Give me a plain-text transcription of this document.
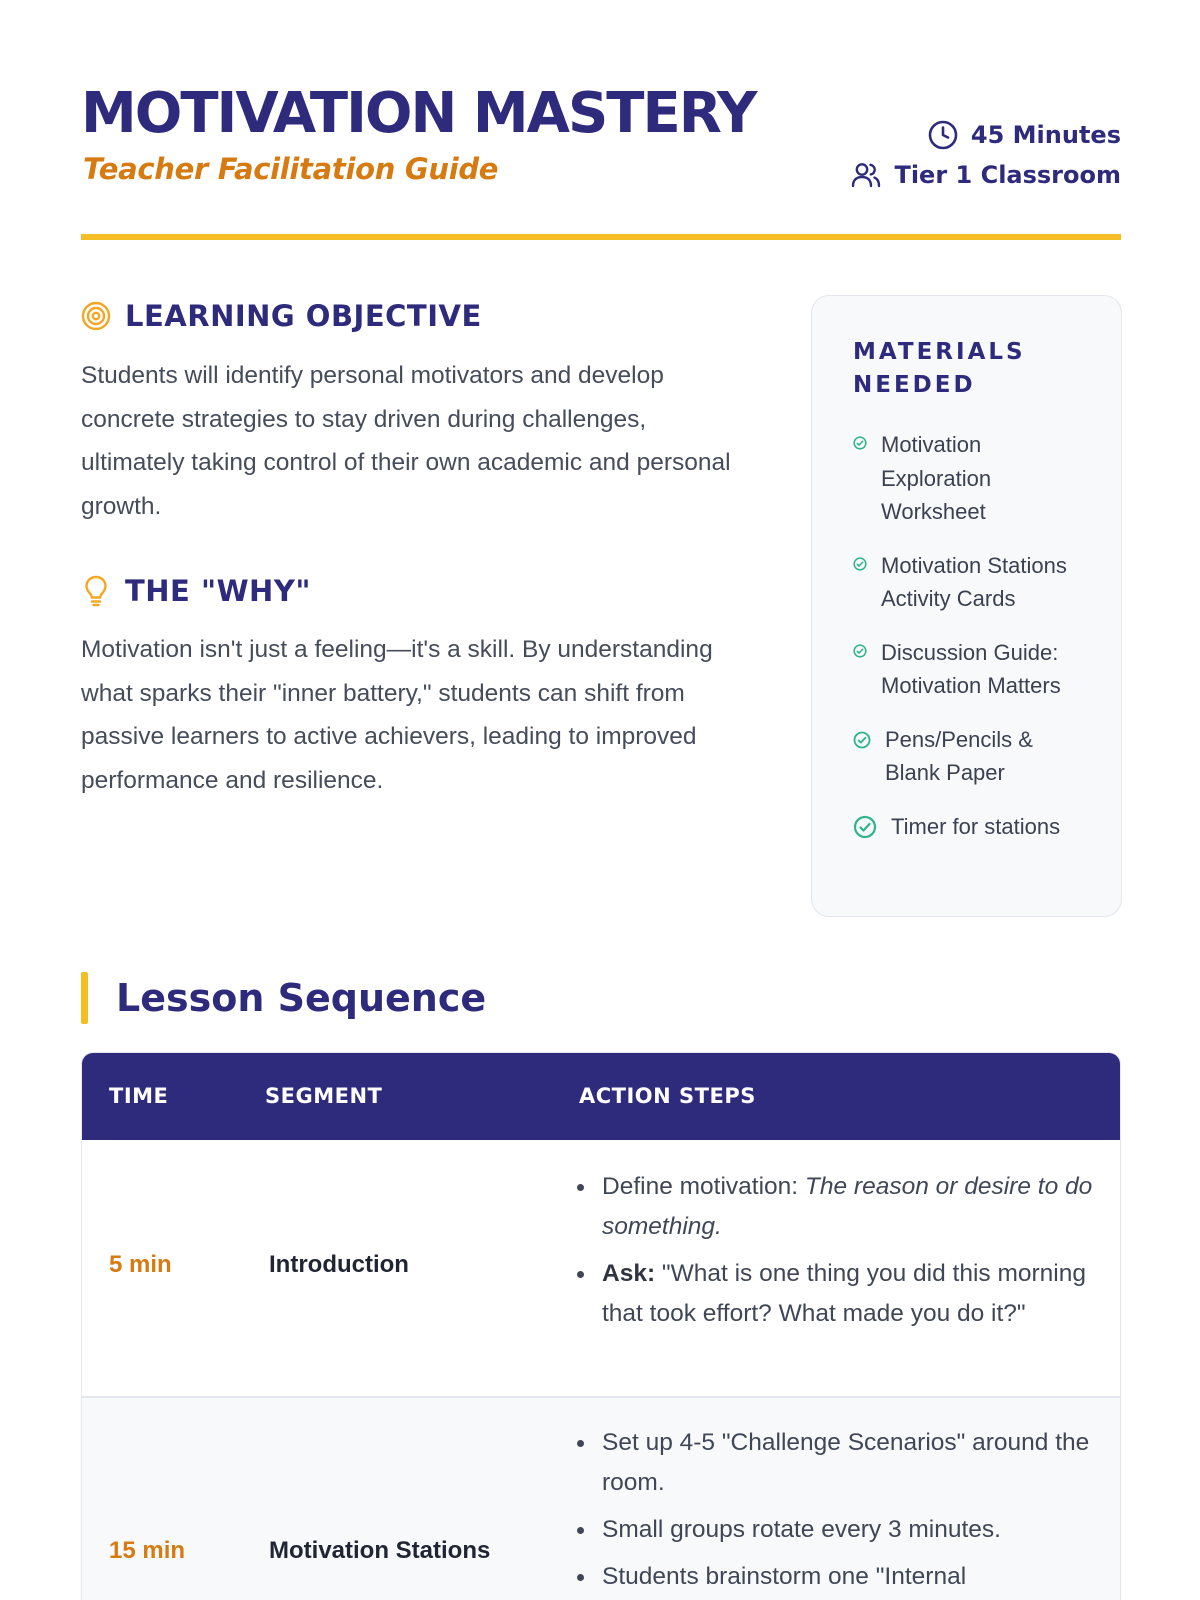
MOTIVATION MASTERY
Teacher Facilitation Guide
45 Minutes
Tier 1 Classroom
LEARNING OBJECTIVE

Students will identify personal motivators and develop concrete strategies to stay driven during challenges, ultimately taking control of their own academic and personal growth.

THE "WHY"

Motivation isn't just a feeling—it's a skill. By understanding what sparks their "inner battery," students can shift from passive learners to active achievers, leading to improved performance and resilience.

MATERIALS NEEDED
Motivation Exploration Worksheet
Motivation Stations Activity Cards
Discussion Guide: Motivation Matters
Pens/Pencils & Blank Paper
Timer for stations
Lesson Sequence
TIME	SEGMENT	ACTION STEPS
5 min	Introduction
Define motivation: The reason or desire to do something.
Ask: "What is one thing you did this morning that took effort? What made you do it?"
15 min	Motivation Stations
Set up 4-5 "Challenge Scenarios" around the room.
Small groups rotate every 3 minutes.
Students brainstorm one "Internal
